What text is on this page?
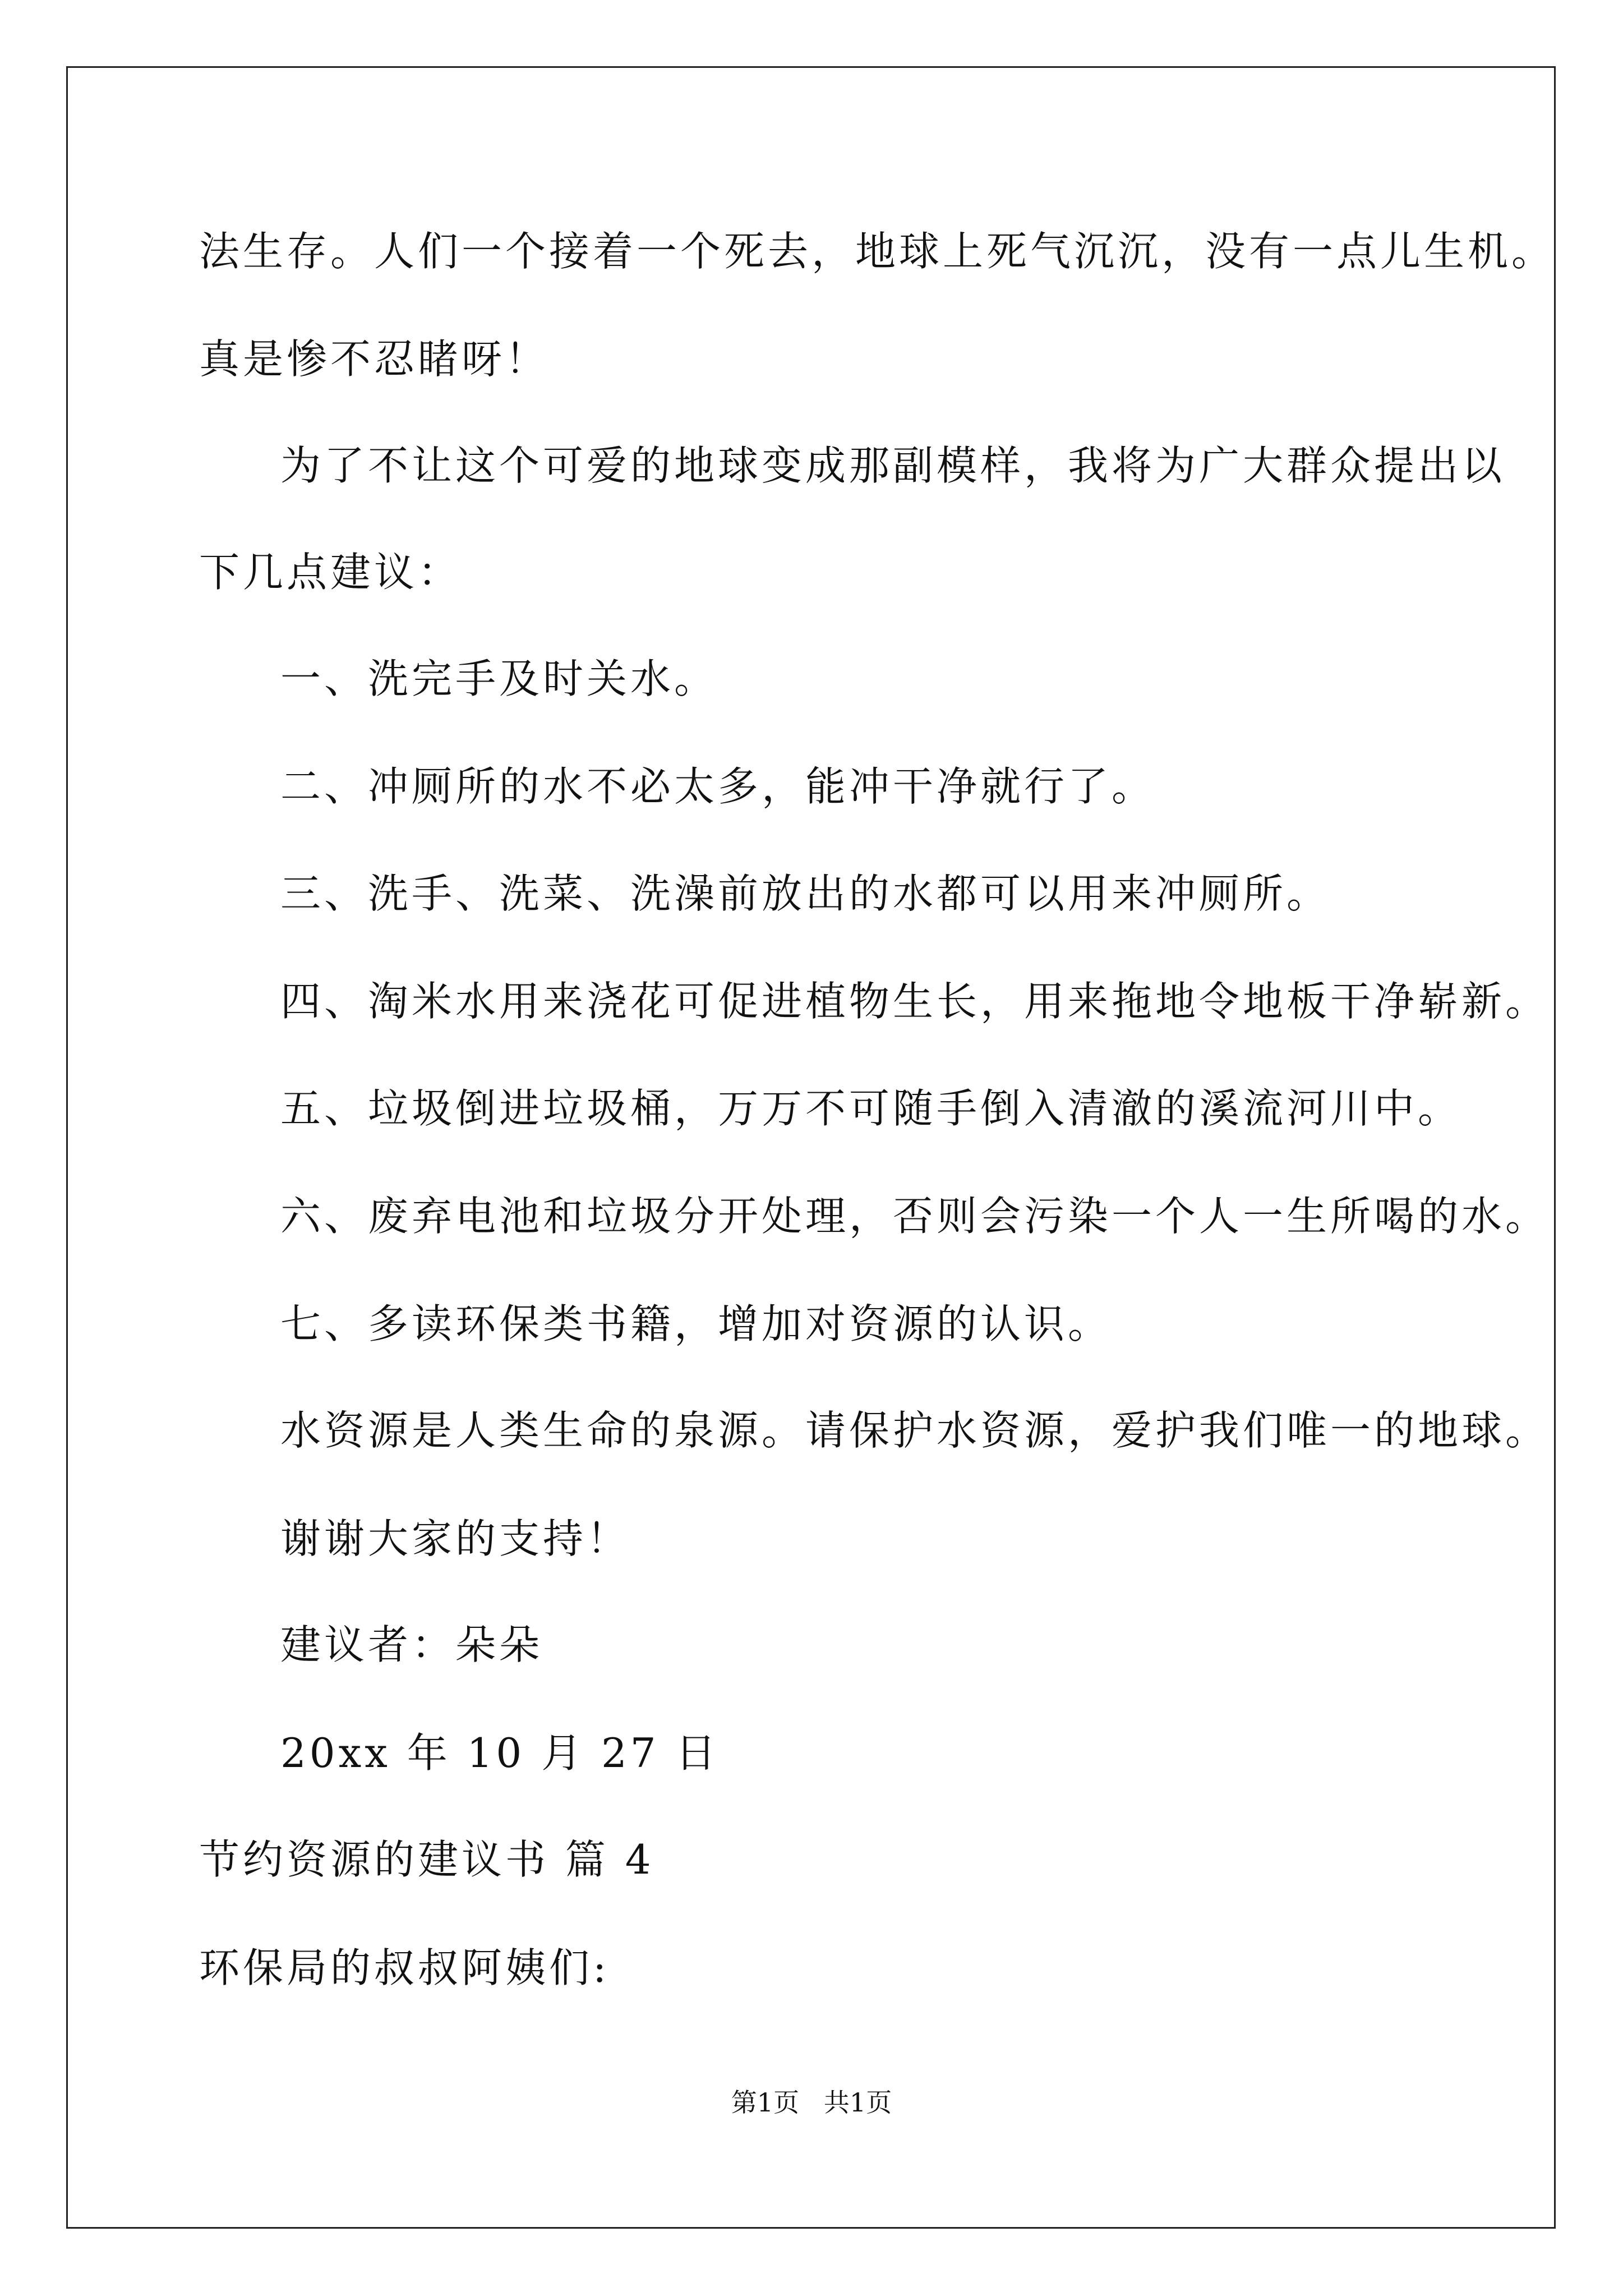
法生存。人们一个接着一个死去，地球上死气沉沉，没有一点儿生机。
真是惨不忍睹呀！
为了不让这个可爱的地球变成那副模样，我将为广大群众提出以
下几点建议：
一、洗完手及时关水。
二、冲厕所的水不必太多，能冲干净就行了。
三、洗手、洗菜、洗澡前放出的水都可以用来冲厕所。
四、淘米水用来浇花可促进植物生长，用来拖地令地板干净崭新。
五、垃圾倒进垃圾桶，万万不可随手倒入清澈的溪流河川中。
六、废弃电池和垃圾分开处理，否则会污染一个人一生所喝的水。
七、多读环保类书籍，增加对资源的认识。
水资源是人类生命的泉源。请保护水资源，爱护我们唯一的地球。
谢谢大家的支持！
建议者：朵朵
20xx 年 10 月 27 日
节约资源的建议书 篇 4
环保局的叔叔阿姨们:
第1页   共1页
